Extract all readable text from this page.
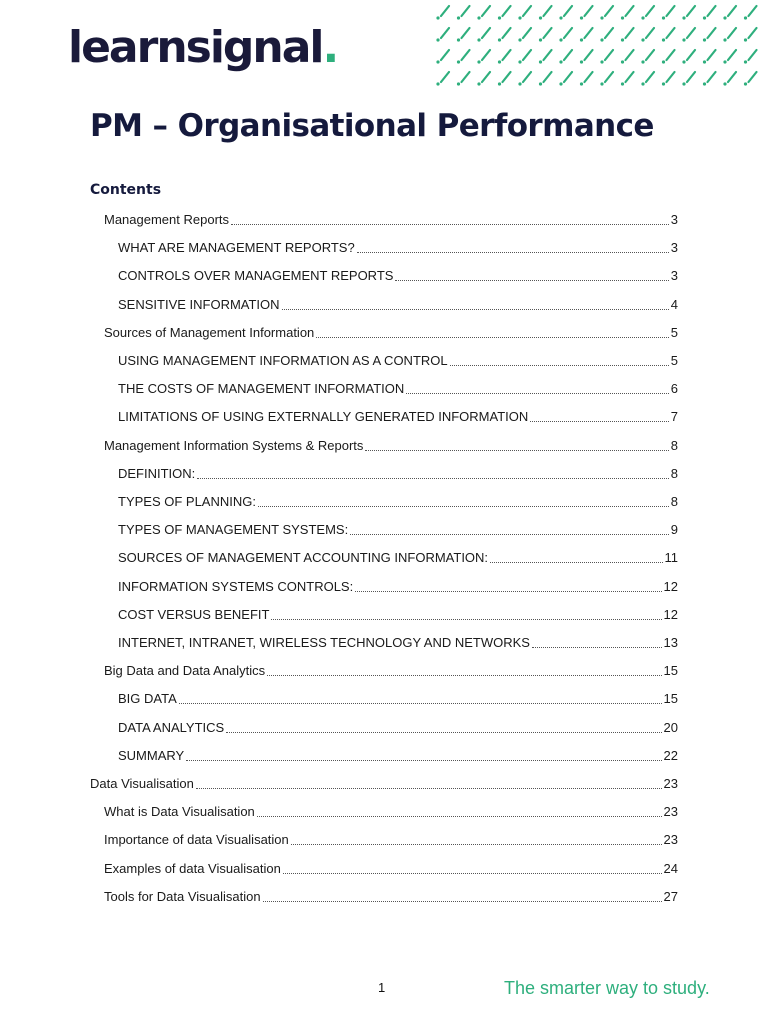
learnsignal.
PM – Organisational Performance
Contents
Management Reports	3
WHAT ARE MANAGEMENT REPORTS?	3
CONTROLS OVER MANAGEMENT REPORTS	3
SENSITIVE INFORMATION	4
Sources of Management Information	5
USING MANAGEMENT INFORMATION AS A CONTROL	5
THE COSTS OF MANAGEMENT INFORMATION	6
LIMITATIONS OF USING EXTERNALLY GENERATED INFORMATION	7
Management Information Systems & Reports	8
DEFINITION:	8
TYPES OF PLANNING:	8
TYPES OF MANAGEMENT SYSTEMS:	9
SOURCES OF MANAGEMENT ACCOUNTING INFORMATION:	11
INFORMATION SYSTEMS CONTROLS:	12
COST VERSUS BENEFIT	12
INTERNET, INTRANET, WIRELESS TECHNOLOGY AND NETWORKS	13
Big Data and Data Analytics	15
BIG DATA	15
DATA ANALYTICS	20
SUMMARY	22
Data Visualisation	23
What is Data Visualisation	23
Importance of data Visualisation	23
Examples of data Visualisation	24
Tools for Data Visualisation	27
1	The smarter way to study.
